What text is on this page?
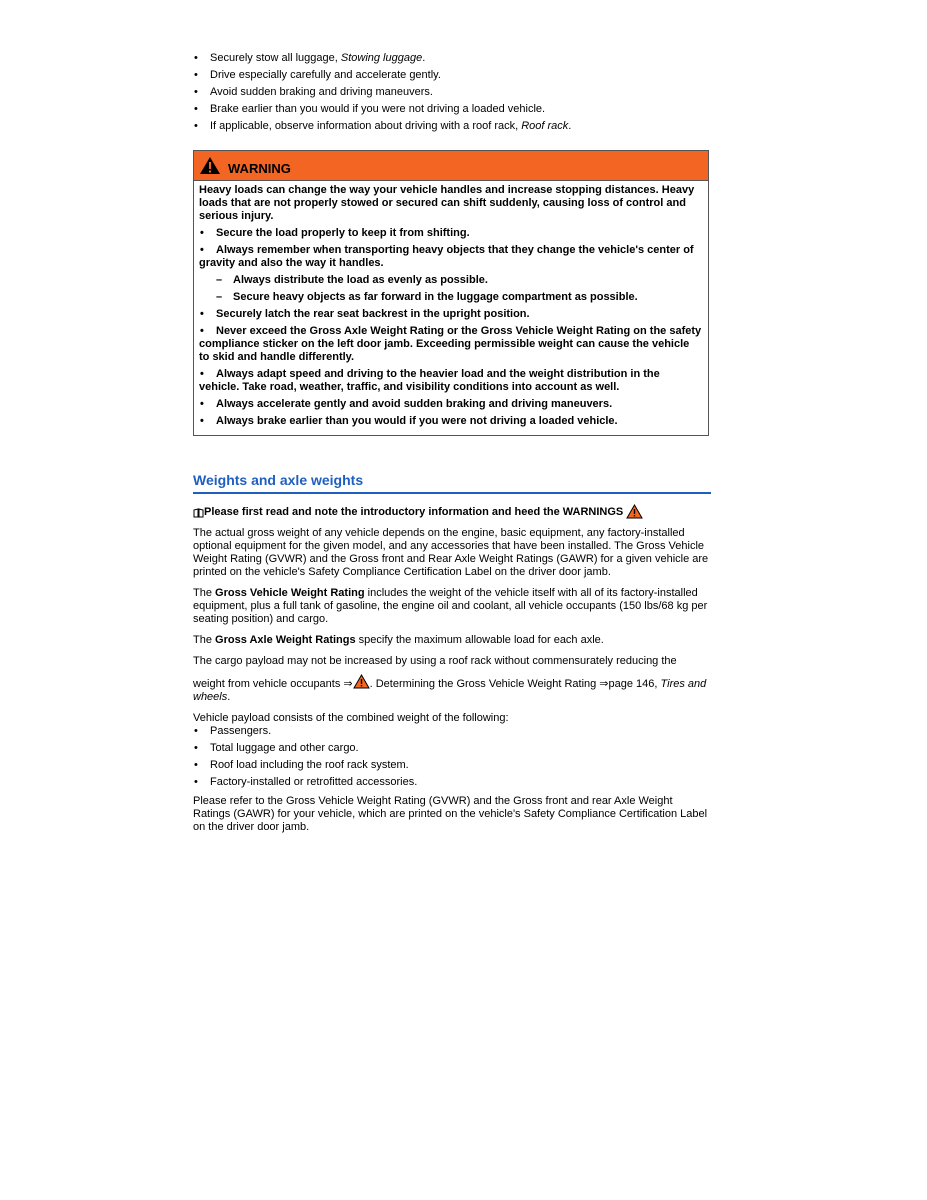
• Securely stow all luggage, Stowing luggage.
• Drive especially carefully and accelerate gently.
• Avoid sudden braking and driving maneuvers.
• Brake earlier than you would if you were not driving a loaded vehicle.
• If applicable, observe information about driving with a roof rack, Roof rack.
WARNING

Heavy loads can change the way your vehicle handles and increase stopping distances. Heavy loads that are not properly stowed or secured can shift suddenly, causing loss of control and serious injury.

• Secure the load properly to keep it from shifting.
• Always remember when transporting heavy objects that they change the vehicle's center of gravity and also the way it handles.
– Always distribute the load as evenly as possible.
– Secure heavy objects as far forward in the luggage compartment as possible.
• Securely latch the rear seat backrest in the upright position.
• Never exceed the Gross Axle Weight Rating or the Gross Vehicle Weight Rating on the safety compliance sticker on the left door jamb. Exceeding permissible weight can cause the vehicle to skid and handle differently.
• Always adapt speed and driving to the heavier load and the weight distribution in the vehicle. Take road, weather, traffic, and visibility conditions into account as well.
• Always accelerate gently and avoid sudden braking and driving maneuvers.
• Always brake earlier than you would if you were not driving a loaded vehicle.
Weights and axle weights
Please first read and note the introductory information and heed the WARNINGS

The actual gross weight of any vehicle depends on the engine, basic equipment, any factory-installed optional equipment for the given model, and any accessories that have been installed. The Gross Vehicle Weight Rating (GVWR) and the Gross front and Rear Axle Weight Ratings (GAWR) for a given vehicle are printed on the vehicle's Safety Compliance Certification Label on the driver door jamb.

The Gross Vehicle Weight Rating includes the weight of the vehicle itself with all of its factory-installed equipment, plus a full tank of gasoline, the engine oil and coolant, all vehicle occupants (150 lbs/68 kg per seating position) and cargo.

The Gross Axle Weight Ratings specify the maximum allowable load for each axle.

The cargo payload may not be increased by using a roof rack without commensurately reducing the

weight from vehicle occupants ⇒ . Determining the Gross Vehicle Weight Rating ⇒page 146, Tires and wheels.

Vehicle payload consists of the combined weight of the following:

• Passengers.
• Total luggage and other cargo.
• Roof load including the roof rack system.
• Factory-installed or retrofitted accessories.

Please refer to the Gross Vehicle Weight Rating (GVWR) and the Gross front and rear Axle Weight Ratings (GAWR) for your vehicle, which are printed on the vehicle's Safety Compliance Certification Label on the driver door jamb.
